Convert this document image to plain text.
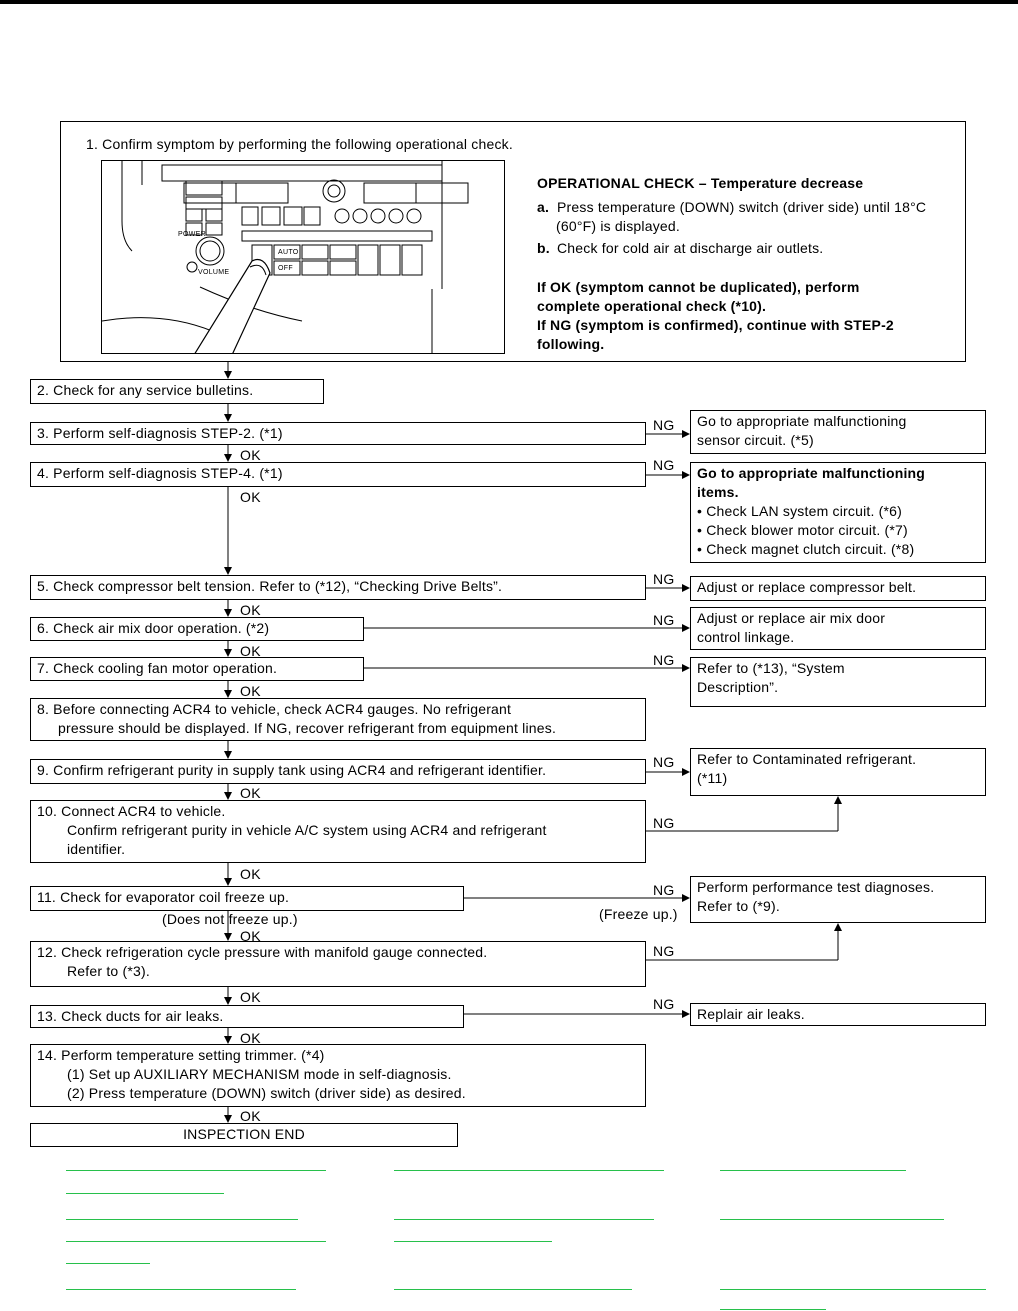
1. Confirm symptom by performing the following operational check.
POWER
VOLUME
AUTO
OFF
OPERATIONAL CHECK – Temperature decrease
a. Press temperature (DOWN) switch (driver side) until 18°C
(60°F) is displayed.
b. Check for cold air at discharge air outlets.
If OK (symptom cannot be duplicated), perform
complete operational check (*10).
If NG (symptom is confirmed), continue with STEP-2
following.
2. Check for any service bulletins.
3. Perform self-diagnosis STEP-2. (*1)
4. Perform self-diagnosis STEP-4. (*1)
5. Check compressor belt tension. Refer to (*12), “Checking Drive Belts”.
6. Check air mix door operation. (*2)
7. Check cooling fan motor operation.
8. Before connecting ACR4 to vehicle, check ACR4 gauges. No refrigerant
pressure should be displayed. If NG, recover refrigerant from equipment lines.
9. Confirm refrigerant purity in supply tank using ACR4 and refrigerant identifier.
10. Connect ACR4 to vehicle.
Confirm refrigerant purity in vehicle A/C system using ACR4 and refrigerant
identifier.
11. Check for evaporator coil freeze up.
(Does not freeze up.)
12. Check refrigeration cycle pressure with manifold gauge connected.
Refer to (*3).
13. Check ducts for air leaks.
14. Perform temperature setting trimmer. (*4)
(1) Set up AUXILIARY MECHANISM mode in self-diagnosis.
(2) Press temperature (DOWN) switch (driver side) as desired.
INSPECTION END
Go to appropriate malfunctioning
sensor circuit. (*5)
Go to appropriate malfunctioning
items.
• Check LAN system circuit. (*6)
• Check blower motor circuit. (*7)
• Check magnet clutch circuit. (*8)
Adjust or replace compressor belt.
Adjust or replace air mix door
control linkage.
Refer to (*13), “System
Description”.
Refer to Contaminated refrigerant.
(*11)
Perform performance test diagnoses.
Refer to (*9).
Replair air leaks.
(Freeze up.)
OK
OK
OK
OK
OK
OK
OK
OK
OK
OK
OK
NG
NG
NG
NG
NG
NG
NG
NG
NG
NG
